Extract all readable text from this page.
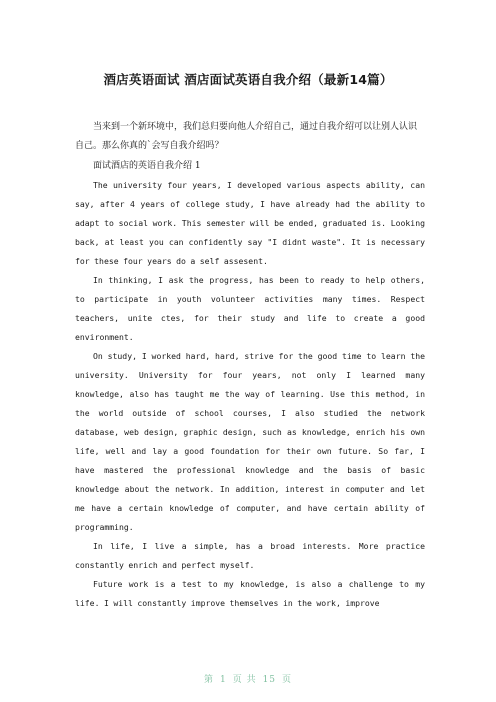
酒店英语面试 酒店面试英语自我介绍（最新14篇）

当来到一个新环境中，我们总归要向他人介绍自己，通过自我介绍可以让别人认识自己。那么你真的`会写自我介绍吗？

面试酒店的英语自我介绍 1

The university four years, I developed various aspects ability, can say, after 4 years of college study, I have already had the ability to adapt to social work. This semester will be ended, graduated is. Looking back, at least you can confidently say "I didnt waste". It is necessary for these four years do a self assesent.

In thinking, I ask the progress, has been to ready to help others, to participate in youth volunteer activities many times. Respect teachers, unite ctes, for their study and life to create a good environment.

On study, I worked hard, hard, strive for the good time to learn the university. University for four years, not only I learned many knowledge, also has taught me the way of learning. Use this method, in the world outside of school courses, I also studied the network database, web design, graphic design, such as knowledge, enrich his own life, well and lay a good foundation for their own future. So far, I have mastered the professional knowledge and the basis of basic knowledge about the network. In addition, interest in computer and let me have a certain knowledge of computer, and have certain ability of programming.

In life, I live a simple, has a broad interests. More practice constantly enrich and perfect myself.

Future work is a test to my knowledge, is also a challenge to my life. I will constantly improve themselves in the work, improve

第 1 页 共 15 页
